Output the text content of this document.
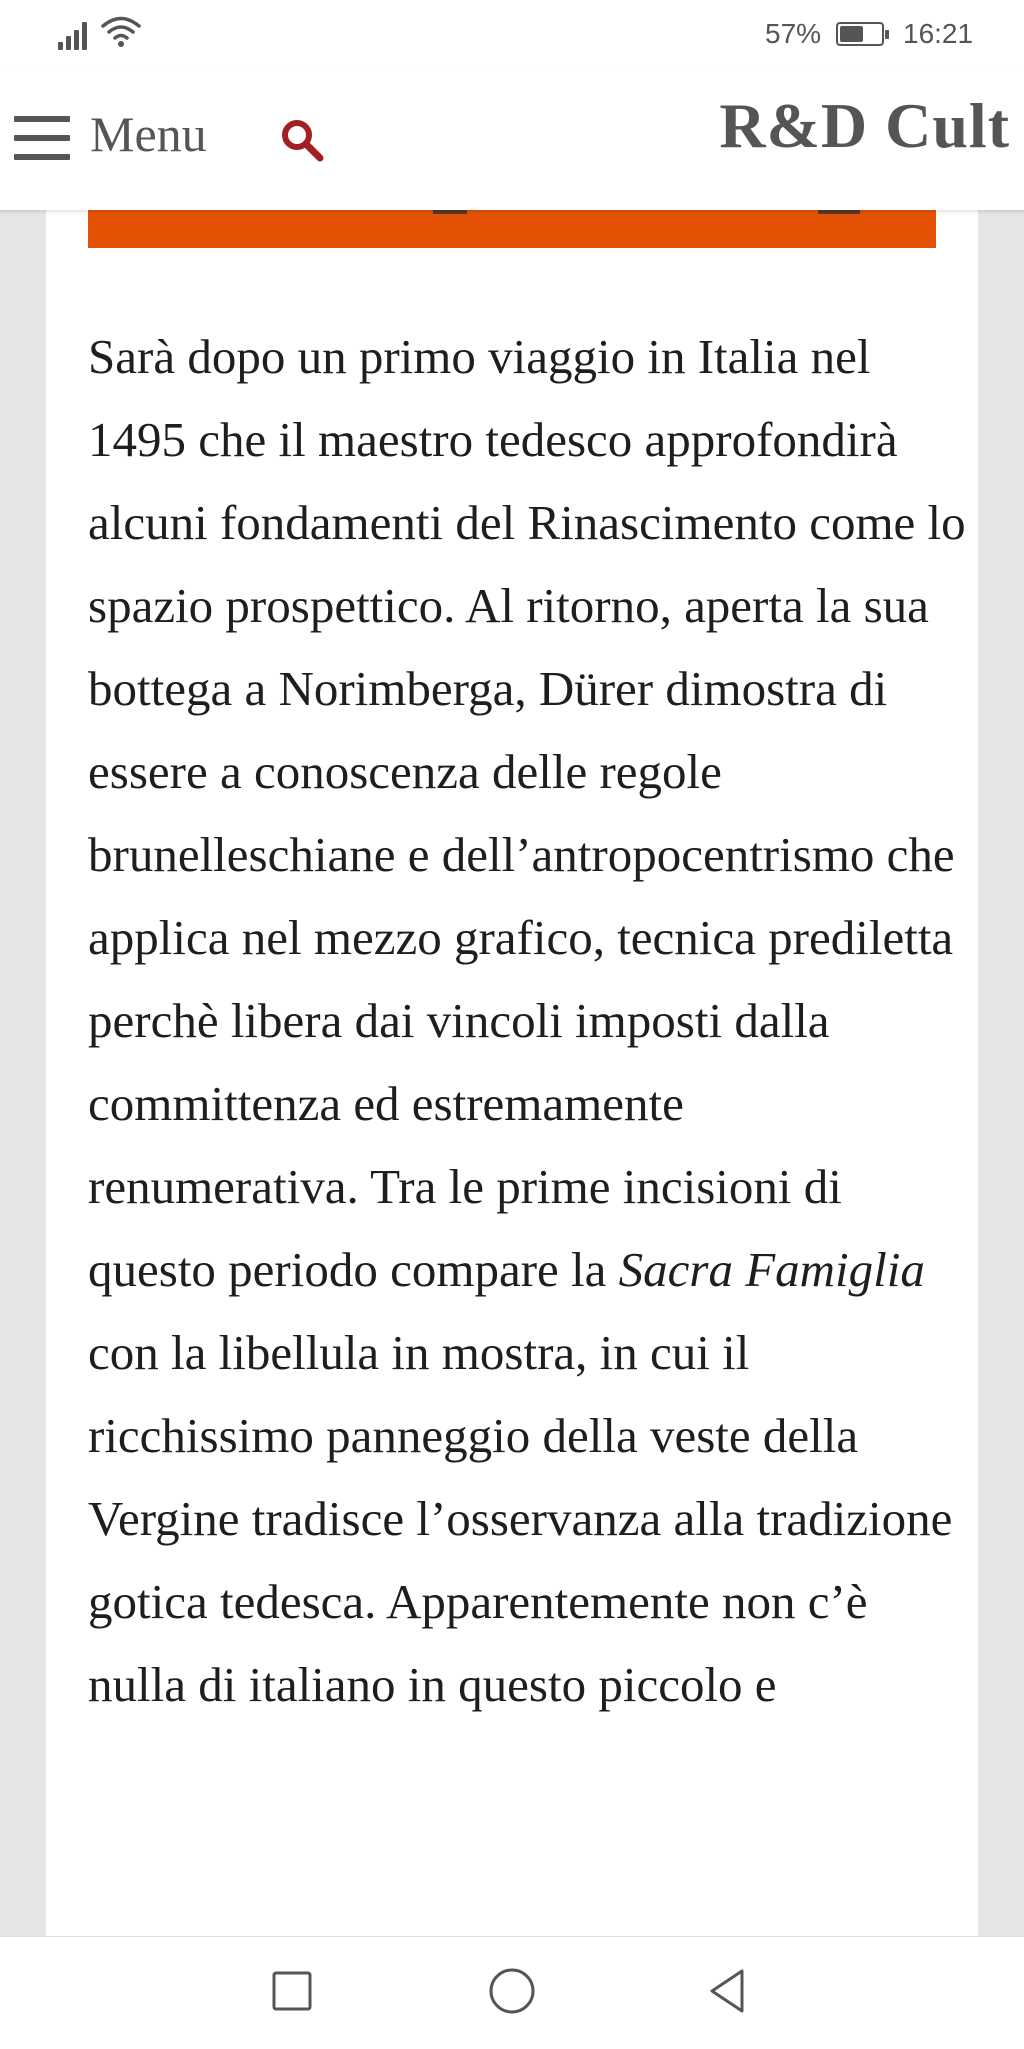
57%	16:21
Menu	R&D Cult

Sarà dopo un primo viaggio in Italia nel 1495 che il maestro tedesco approfondirà alcuni fondamenti del Rinascimento come lo spazio prospettico. Al ritorno, aperta la sua bottega a Norimberga, Dürer dimostra di essere a conoscenza delle regole brunelleschiane e dell’antropocentrismo che applica nel mezzo grafico, tecnica prediletta perchè libera dai vincoli imposti dalla committenza ed estremamente renumerativa. Tra le prime incisioni di questo periodo compare la Sacra Famiglia con la libellula in mostra, in cui il ricchissimo panneggio della veste della Vergine tradisce l’osservanza alla tradizione gotica tedesca. Apparentemente non c’è nulla di italiano in questo piccolo e
